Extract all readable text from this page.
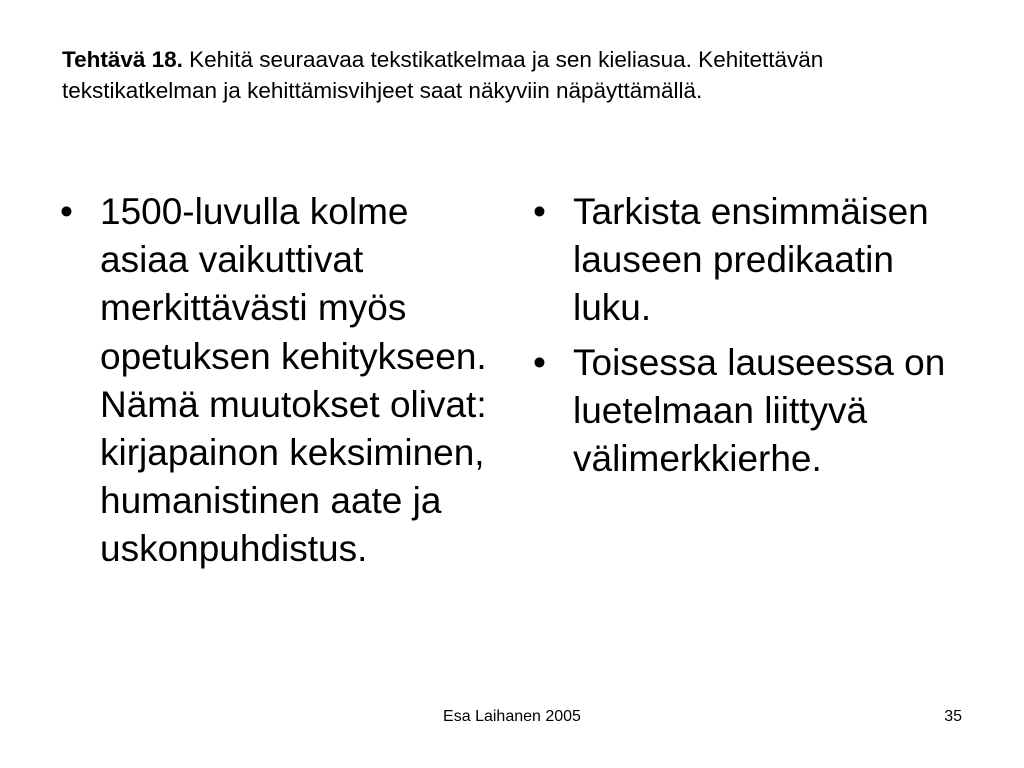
Tehtävä 18. Kehitä seuraavaa tekstikatkelmaa ja sen kieliasua. Kehitettävän tekstikatkelman ja kehittämisvihjeet saat näkyviin näpäyttämällä.
• 1500-luvulla kolme asiaa vaikuttivat merkittävästi myös opetuksen kehitykseen. Nämä muutokset olivat: kirjapainon keksiminen, humanistinen aate ja uskonpuhdistus.
• Tarkista ensimmäisen lauseen predikaatin luku.
• Toisessa lauseessa on luetelmaan liittyvä välimerkkierhe.
Esa Laihanen 2005	35
